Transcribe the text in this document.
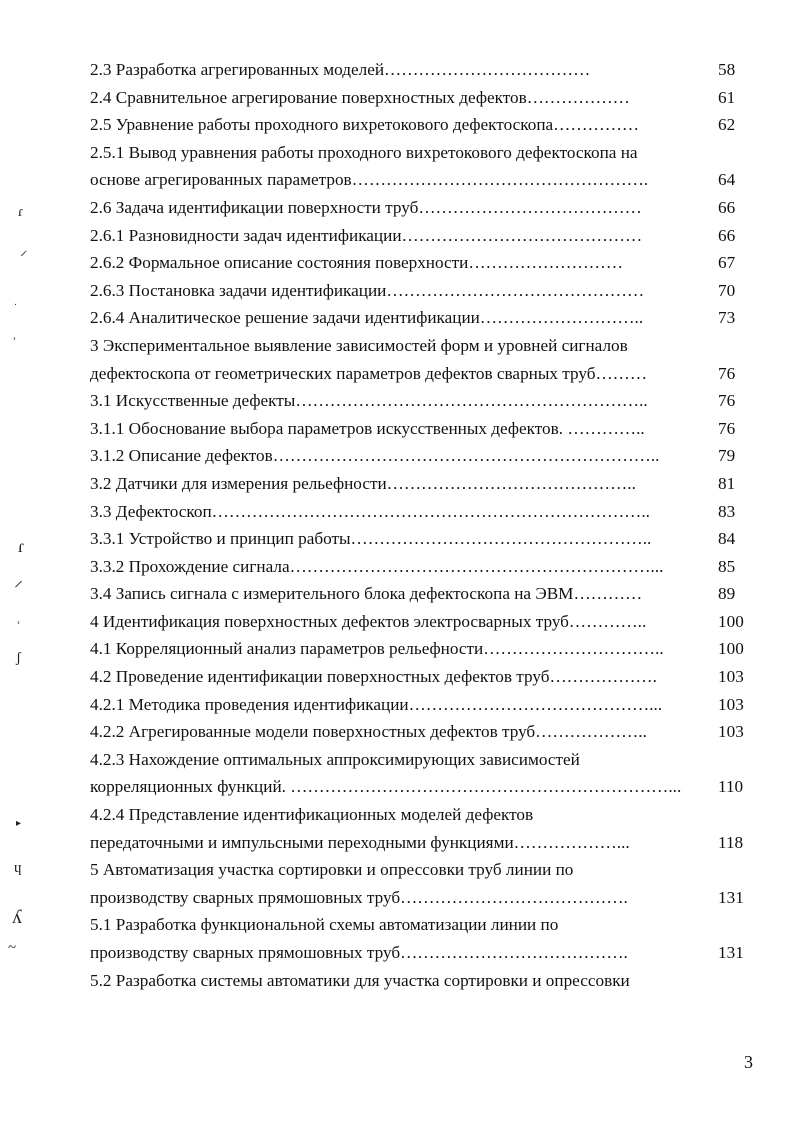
2.3 Разработка агрегированных моделей………………………………	58
2.4 Сравнительное агрегирование поверхностных дефектов………………	61
2.5 Уравнение работы проходного вихретокового дефектоскопа……………	62
2.5.1 Вывод уравнения работы проходного вихретокового дефектоскопа на
основе агрегированных параметров…………………………………………….	64
2.6 Задача идентификации поверхности труб…………………………………	66
2.6.1 Разновидности задач идентификации……………………………………	66
2.6.2 Формальное описание состояния поверхности………………………	67
2.6.3 Постановка задачи идентификации………………………………………	70
2.6.4 Аналитическое решение задачи идентификации………………………..	73
3 Экспериментальное выявление зависимостей форм и уровней сигналов
дефектоскопа от геометрических параметров дефектов сварных труб………	76
3.1 Искусственные дефекты……………………………………………………..	76
3.1.1 Обоснование выбора параметров искусственных дефектов. …………..	76
3.1.2 Описание дефектов…………………………………………………………..	79
3.2 Датчики для измерения рельефности……………………………………..	81
3.3 Дефектоскоп…………………………………………………………………..	83
3.3.1 Устройство и принцип работы……………………………………………..	84
3.3.2 Прохождение сигнала………………………………………………………...	85
3.4 Запись сигнала с измерительного блока дефектоскопа на ЭВМ…………	89
4 Идентификация поверхностных дефектов электросварных труб…………..	100
4.1 Корреляционный анализ параметров рельефности…………………………..	100
4.2 Проведение идентификации поверхностных дефектов труб……………….	103
4.2.1 Методика проведения идентификации……………………………………...	103
4.2.2 Агрегированные модели поверхностных дефектов труб………………..	103
4.2.3 Нахождение оптимальных аппроксимирующих зависимостей
корреляционных функций. …………………………………………………………... 110
4.2.4 Представление идентификационных моделей дефектов
передаточными и импульсными переходными функциями………………...	118
5 Автоматизация участка сортировки и опрессовки труб линии по
производству сварных прямошовных труб………………………………….	131
5.1 Разработка функциональной схемы автоматизации линии по
производству сварных прямошовных труб………………………………….	131
5.2 Разработка системы автоматики для участка сортировки и опрессовки
ɾ
⸝
ᐧ
ʾ
ɾ
⸝
ʾ
ʃ
▸
ɥ
ʎ
~
3
